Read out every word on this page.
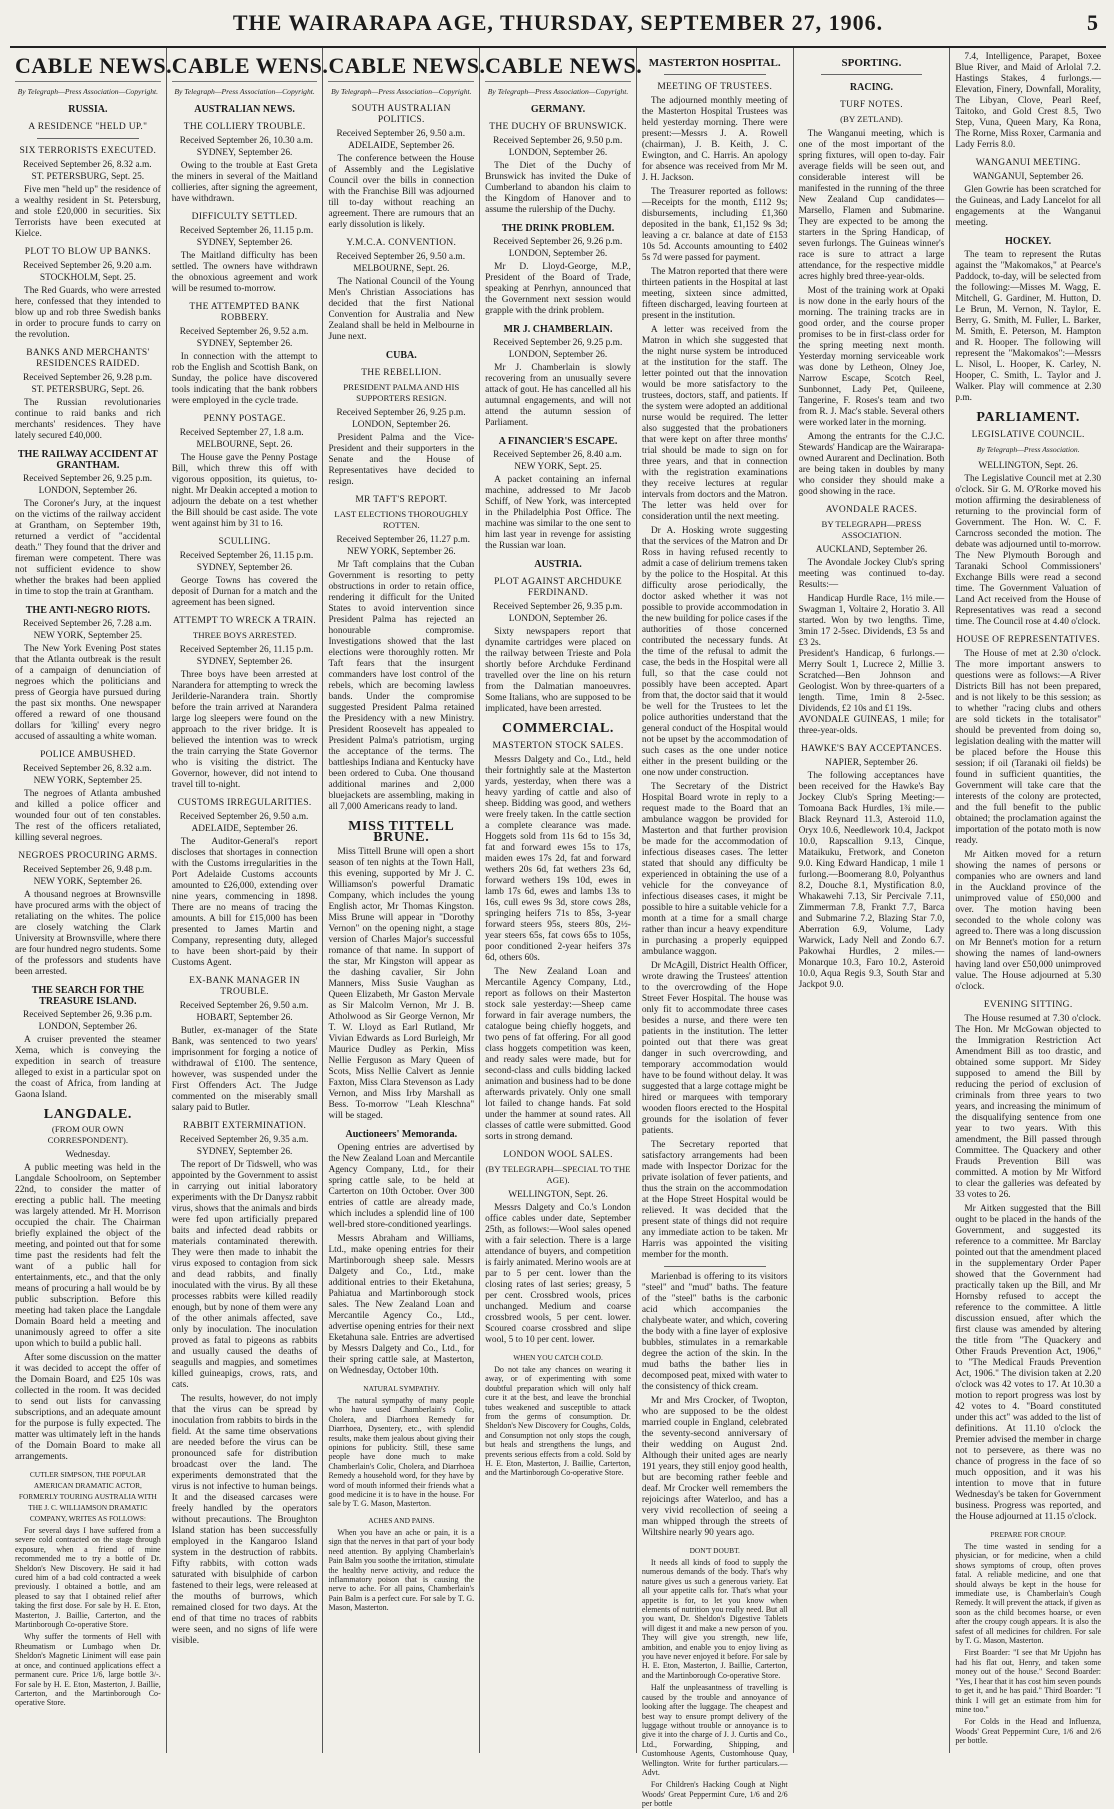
THE WAIRARAPA AGE, THURSDAY, SEPTEMBER 27, 1906.	5
CABLE NEWS.
By Telegraph—Press Association—Copyright.
RUSSIA.
A RESIDENCE "HELD UP."
SIX TERRORISTS EXECUTED.
Received September 26, 8.32 a.m.
ST. PETERSBURG, Sept. 25.

Five men "held up" the residence of a wealthy resident in St. Petersburg, and stole £20,000 in securities. Six Terrorists have been executed at Kielce.

PLOT TO BLOW UP BANKS.
Received September 26, 9.20 a.m.
STOCKHOLM, Sept. 25.

The Red Guards, who were arrested here, confessed that they intended to blow up and rob three Swedish banks in order to procure funds to carry on the revolution.

BANKS AND MERCHANTS' RESIDENCES RAIDED.
Received September 26, 9.28 p.m.
ST. PETERSBURG, Sept. 26.

The Russian revolutionaries continue to raid banks and rich merchants' residences. They have lately secured £40,000.

THE RAILWAY ACCIDENT AT GRANTHAM.
Received September 26, 9.25 p.m.
LONDON, September 26.

The Coroner's Jury, at the inquest on the victims of the railway accident at Grantham, on September 19th, returned a verdict of "accidental death." They found that the driver and fireman were competent. There was not sufficient evidence to show whether the brakes had been applied in time to stop the train at Grantham.

THE ANTI-NEGRO RIOTS.
Received September 26, 7.28 a.m.
NEW YORK, September 25.

The New York Evening Post states that the Atlanta outbreak is the result of a campaign of denunciation of negroes which the politicians and press of Georgia have pursued during the past six months. One newspaper offered a reward of one thousand dollars for 'killing' every negro accused of assaulting a white woman.

POLICE AMBUSHED.
Received September 26, 8.32 a.m.
NEW YORK, September 25.

The negroes of Atlanta ambushed and killed a police officer and wounded four out of ten constables. The rest of the officers retaliated, killing several negroes.

NEGROES PROCURING ARMS.
Received September 26, 9.48 p.m.
NEW YORK, September 26.

A thousand negroes at Brownsville have procured arms with the object of retaliating on the whites. The police are closely watching the Clark University at Brownsville, where there are four hundred negro students. Some of the professors and students have been arrested.

THE SEARCH FOR THE TREASURE ISLAND.
Received September 26, 9.36 p.m.
LONDON, September 26.

A cruiser prevented the steamer Xema, which is conveying the expedition in search of treasure alleged to exist in a particular spot on the coast of Africa, from landing at Gaona Island.

LANGDALE.
(FROM OUR OWN CORRESPONDENT).
Wednesday.

A public meeting was held in the Langdale Schoolroom, on September 22nd, to consider the matter of erecting a public hall. The meeting was largely attended. Mr H. Morrison occupied the chair. The Chairman briefly explained the object of the meeting, and pointed out that for some time past the residents had felt the want of a public hall for entertainments, etc., and that the only means of procuring a hall would be by public subscription. Before this meeting had taken place the Langdale Domain Board held a meeting and unanimously agreed to offer a site upon which to build a public hall.

After some discussion on the matter it was decided to accept the offer of the Domain Board, and £25 10s was collected in the room. It was decided to send out lists for canvassing subscriptions, and an adequate amount for the purpose is fully expected. The matter was ultimately left in the hands of the Domain Board to make all arrangements.

CUTLER SIMPSON, THE POPULAR AMERICAN DRAMATIC ACTOR, FORMERLY TOURING AUSTRALIA WITH THE J. C. WILLIAMSON DRAMATIC COMPANY, WRITES AS FOLLOWS:

For several days I have suffered from a severe cold contracted on the stage through exposure, when a friend of mine recommended me to try a bottle of Dr. Sheldon's New Discovery. He said it had cured him of a bad cold contracted a week previously. I obtained a bottle, and am pleased to say that I obtained relief after taking the first dose. For sale by H. E. Eton, Masterton, J. Baillie, Carterton, and the Martinborough Co-operative Store.

Why suffer the torments of Hell with Rheumatism or Lumbago when Dr. Sheldon's Magnetic Liniment will ease pain at once, and continued applications effect a permanent cure. Price 1/6, large bottle 3/-. For sale by H. E. Eton, Masterton, J. Baillie, Carterton, and the Martinborough Co-operative Store.

CABLE WENS.
By Telegraph—Press Association—Copyright.
AUSTRALIAN NEWS.
THE COLLIERY TROUBLE.
Received September 26, 10.30 a.m.
SYDNEY, September 26.

Owing to the trouble at East Greta the miners in several of the Maitland collieries, after signing the agreement, have withdrawn.

DIFFICULTY SETTLED.
Received September 26, 11.15 p.m.
SYDNEY, September 26.

The Maitland difficulty has been settled. The owners have withdrawn the obnoxious agreement and work will be resumed to-morrow.

THE ATTEMPTED BANK ROBBERY.
Received September 26, 9.52 a.m.
SYDNEY, September 26.

In connection with the attempt to rob the English and Scottish Bank, on Sunday, the police have discovered tools indicating that the bank robbers were employed in the cycle trade.

PENNY POSTAGE.
Received September 27, 1.8 a.m.
MELBOURNE, Sept. 26.

The House gave the Penny Postage Bill, which threw this off with vigorous opposition, its quietus, to-night. Mr Deakin accepted a motion to adjourn the debate on a test whether the Bill should be cast aside. The vote went against him by 31 to 16.

SCULLING.
Received September 26, 11.15 p.m.
SYDNEY, September 26.

George Towns has covered the deposit of Durnan for a match and the agreement has been signed.

ATTEMPT TO WRECK A TRAIN.
THREE BOYS ARRESTED.
Received September 26, 11.15 p.m.
SYDNEY, September 26.

Three boys have been arrested at Narandera for attempting to wreck the Jerilderie-Narandera train. Shortly before the train arrived at Narandera large log sleepers were found on the approach to the river bridge. It is believed the intention was to wreck the train carrying the State Governor who is visiting the district. The Governor, however, did not intend to travel till to-night.

CUSTOMS IRREGULARITIES.
Received September 26, 9.50 a.m.
ADELAIDE, September 26.

The Auditor-General's report discloses that shortages in connection with the Customs irregularities in the Port Adelaide Customs accounts amounted to £26,000, extending over nine years, commencing in 1898. There are no means of tracing the amounts. A bill for £15,000 has been presented to James Martin and Company, representing duty, alleged to have been short-paid by their Customs Agent.

EX-BANK MANAGER IN TROUBLE.
Received September 26, 9.50 a.m.
HOBART, September 26.

Butler, ex-manager of the State Bank, was sentenced to two years' imprisonment for forging a notice of withdrawal of £100. The sentence, however, was suspended under the First Offenders Act. The Judge commented on the miserably small salary paid to Butler.

RABBIT EXTERMINATION.
Received September 26, 9.35 a.m.
SYDNEY, September 26.

The report of Dr Tidswell, who was appointed by the Government to assist in carrying out initial laboratory experiments with the Dr Danysz rabbit virus, shows that the animals and birds were fed upon artificially prepared baits and infected dead rabbits or materials contaminated therewith. They were then made to inhabit the virus exposed to contagion from sick and dead rabbits, and finally inoculated with the virus. By all these processes rabbits were killed readily enough, but by none of them were any of the other animals affected, save only by inoculation. The inoculation proved as fatal to pigeons as rabbits and usually caused the deaths of seagulls and magpies, and sometimes killed guineapigs, crows, rats, and cats.

The results, however, do not imply that the virus can be spread by inoculation from rabbits to birds in the field. At the same time observations are needed before the virus can be pronounced safe for distribution broadcast over the land. The experiments demonstrated that the virus is not infective to human beings. It and the diseased carcases were freely handled by the operators without precautions. The Broughton Island station has been successfully employed in the Kangaroo Island system in the destruction of rabbits. Fifty rabbits, with cotton wads saturated with bisulphide of carbon fastened to their legs, were released at the mouths of burrows, which remained closed for two days. At the end of that time no traces of rabbits were seen, and no signs of life were visible.

CABLE NEWS.
By Telegraph—Press Association—Copyright.
SOUTH AUSTRALIAN POLITICS.
Received September 26, 9.50 a.m.
ADELAIDE, September 26.

The conference between the House of Assembly and the Legislative Council over the bills in connection with the Franchise Bill was adjourned till to-day without reaching an agreement. There are rumours that an early dissolution is likely.

Y.M.C.A. CONVENTION.
Received September 26, 9.50 a.m.
MELBOURNE, Sept. 26.

The National Council of the Young Men's Christian Associations has decided that the first National Convention for Australia and New Zealand shall be held in Melbourne in June next.

CUBA.
THE REBELLION.
PRESIDENT PALMA AND HIS SUPPORTERS RESIGN.
Received September 26, 9.25 p.m.
LONDON, September 26.

President Palma and the Vice-President and their supporters in the Senate and the House of Representatives have decided to resign.

MR TAFT'S REPORT.
LAST ELECTIONS THOROUGHLY ROTTEN.
Received September 26, 11.27 p.m.
NEW YORK, September 26.

Mr Taft complains that the Cuban Government is resorting to petty obstructions in order to retain office, rendering it difficult for the United States to avoid intervention since President Palma has rejected an honourable compromise. Investigations showed that the last elections were thoroughly rotten. Mr Taft fears that the insurgent commanders have lost control of the rebels, which are becoming lawless bands. Under the compromise suggested President Palma retained the Presidency with a new Ministry. President Roosevelt has appealed to President Palma's patriotism, urging the acceptance of the terms. The battleships Indiana and Kentucky have been ordered to Cuba. One thousand additional marines and 2,000 bluejackets are assembling, making in all 7,000 Americans ready to land.

MISS TITTELL BRUNE.

Miss Tittell Brune will open a short season of ten nights at the Town Hall, this evening, supported by Mr J. C. Williamson's powerful Dramatic Company, which includes the young English actor, Mr Thomas Kingston. Miss Brune will appear in "Dorothy Vernon" on the opening night, a stage version of Charles Major's successful romance of that name. In support of the star, Mr Kingston will appear as the dashing cavalier, Sir John Manners, Miss Susie Vaughan as Queen Elizabeth, Mr Gaston Mervale as Sir Malcolm Vernon, Mr J. B. Atholwood as Sir George Vernon, Mr T. W. Lloyd as Earl Rutland, Mr Vivian Edwards as Lord Burleigh, Mr Maurice Dudley as Perkin, Miss Nellie Ferguson as Mary Queen of Scots, Miss Nellie Calvert as Jennie Faxton, Miss Clara Stevenson as Lady Vernon, and Miss Irby Marshall as Bess. To-morrow "Leah Kleschna" will be staged.

Auctioneers' Memoranda.

Opening entries are advertised by the New Zealand Loan and Mercantile Agency Company, Ltd., for their spring cattle sale, to be held at Carterton on 10th October. Over 300 entries of cattle are already made, which includes a splendid line of 100 well-bred store-conditioned yearlings.

Messrs Abraham and Williams, Ltd., make opening entries for their Martinborough sheep sale. Messrs Dalgety and Co., Ltd., make additional entries to their Eketahuna, Pahiatua and Martinborough stock sales. The New Zealand Loan and Mercantile Agency Co., Ltd., advertise opening entries for their next Eketahuna sale. Entries are advertised by Messrs Dalgety and Co., Ltd., for their spring cattle sale, at Masterton, on Wednesday, October 10th.

NATURAL SYMPATHY.

The natural sympathy of many people who have used Chamberlain's Colic, Cholera, and Diarrhoea Remedy for Diarrhoea, Dysentery, etc., with splendid results, make them jealous about giving their opinions for publicity. Still, these same people have done much to make Chamberlain's Colic, Cholera, and Diarrhoea Remedy a household word, for they have by word of mouth informed their friends what a good medicine it is to have in the house. For sale by T. G. Mason, Masterton.

ACHES AND PAINS.

When you have an ache or pain, it is a sign that the nerves in that part of your body need attention. By applying Chamberlain's Pain Balm you soothe the irritation, stimulate the healthy nerve activity, and reduce the inflammatory poison that is causing the nerve to ache. For all pains, Chamberlain's Pain Balm is a perfect cure. For sale by T. G. Mason, Masterton.

CABLE NEWS.
By Telegraph—Press Association—Copyright.
GERMANY.
THE DUCHY OF BRUNSWICK.
Received September 26, 9.50 p.m.
LONDON, September 26.

The Diet of the Duchy of Brunswick has invited the Duke of Cumberland to abandon his claim to the Kingdom of Hanover and to assume the rulership of the Duchy.

THE DRINK PROBLEM.
Received September 26, 9.26 p.m.
LONDON, September 26.

Mr D. Lloyd-George, M.P., President of the Board of Trade, speaking at Penrhyn, announced that the Government next session would grapple with the drink problem.

MR J. CHAMBERLAIN.
Received September 26, 9.25 p.m.
LONDON, September 26.

Mr J. Chamberlain is slowly recovering from an unusually severe attack of gout. He has cancelled all his autumnal engagements, and will not attend the autumn session of Parliament.

A FINANCIER'S ESCAPE.
Received September 26, 8.40 a.m.
NEW YORK, Sept. 25.

A packet containing an infernal machine, addressed to Mr Jacob Schiff, of New York, was intercepted in the Philadelphia Post Office. The machine was similar to the one sent to him last year in revenge for assisting the Russian war loan.

AUSTRIA.
PLOT AGAINST ARCHDUKE FERDINAND.
Received September 26, 9.35 p.m.
LONDON, September 26.

Sixty newspapers report that dynamite cartridges were placed on the railway between Trieste and Pola shortly before Archduke Ferdinand travelled over the line on his return from the Dalmatian manoeuvres. Some Italians, who are supposed to be implicated, have been arrested.

COMMERCIAL.
MASTERTON STOCK SALES.

Messrs Dalgety and Co., Ltd., held their fortnightly sale at the Masterton yards, yesterday, when there was a heavy yarding of cattle and also of sheep. Bidding was good, and wethers were freely taken. In the cattle section a complete clearance was made. Hoggets sold from 11s 6d to 15s 3d, fat and forward ewes 15s to 17s, maiden ewes 17s 2d, fat and forward wethers 20s 6d, fat wethers 23s 6d, forward wethers 19s 10d, ewes in lamb 17s 6d, ewes and lambs 13s to 16s, cull ewes 9s 3d, store cows 28s, springing heifers 71s to 85s, 3-year forward steers 95s, steers 80s, 2½-year steers 65s, fat cows 65s to 105s, poor conditioned 2-year heifers 37s 6d, others 60s.

The New Zealand Loan and Mercantile Agency Company, Ltd., report as follows on their Masterton stock sale yesterday:—Sheep came forward in fair average numbers, the catalogue being chiefly hoggets, and two pens of fat offering. For all good class hoggets competition was keen, and ready sales were made, but for second-class and culls bidding lacked animation and business had to be done afterwards privately. Only one small lot failed to change hands. Fat sold under the hammer at sound rates. All classes of cattle were submitted. Good sorts in strong demand.

LONDON WOOL SALES.
(BY TELEGRAPH—SPECIAL TO THE AGE).
WELLINGTON, Sept. 26.

Messrs Dalgety and Co.'s London office cables under date, September 25th, as follows:—Wool sales opened with a fair selection. There is a large attendance of buyers, and competition is fairly animated. Merino wools are at par to 5 per cent. lower than the closing rates of last series; greasy, 5 per cent. Crossbred wools, prices unchanged. Medium and coarse crossbred wools, 5 per cent. lower. Scoured coarse crossbred and slipe wool, 5 to 10 per cent. lower.

WHEN YOU CATCH COLD.

Do not take any chances on wearing it away, or of experimenting with some doubtful preparation which will only half cure it at the best, and leave the bronchial tubes weakened and susceptible to attack from the germs of consumption. Dr. Sheldon's New Discovery for Coughs, Colds, and Consumption not only stops the cough, but heals and strengthens the lungs, and prevents serious effects from a cold. Sold by H. E. Eton, Masterton, J. Baillie, Carterton, and the Martinborough Co-operative Store.

MASTERTON HOSPITAL.
MEETING OF TRUSTEES.

The adjourned monthly meeting of the Masterton Hospital Trustees was held yesterday morning. There were present:—Messrs J. A. Rowell (chairman), J. B. Keith, J. C. Ewington, and C. Harris. An apology for absence was received from Mr M. J. H. Jackson.

The Treasurer reported as follows:—Receipts for the month, £112 9s; disbursements, including £1,360 deposited in the bank, £1,152 9s 3d; leaving a cr. balance at date of £153 10s 5d. Accounts amounting to £402 5s 7d were passed for payment.

The Matron reported that there were thirteen patients in the Hospital at last meeting, sixteen since admitted, fifteen discharged, leaving fourteen at present in the institution.

A letter was received from the Matron in which she suggested that the night nurse system be introduced at the institution for the staff. The letter pointed out that the innovation would be more satisfactory to the trustees, doctors, staff, and patients. If the system were adopted an additional nurse would be required. The letter also suggested that the probationers that were kept on after three months' trial should be made to sign on for three years, and that in connection with the registration examinations they receive lectures at regular intervals from doctors and the Matron. The letter was held over for consideration until the next meeting.

Dr A. Hosking wrote suggesting that the services of the Matron and Dr Ross in having refused recently to admit a case of delirium tremens taken by the police to the Hospital. At this difficulty arose periodically, the doctor asked whether it was not possible to provide accommodation in the new building for police cases if the authorities of those concerned contributed the necessary funds. At the time of the refusal to admit the case, the beds in the Hospital were all full, so that the case could not possibly have been accepted. Apart from that, the doctor said that it would be well for the Trustees to let the police authorities understand that the general conduct of the Hospital would not be upset by the accommodation of such cases as the one under notice either in the present building or the one now under construction.

The Secretary of the District Hospital Board wrote in reply to a request made to the Board that an ambulance waggon be provided for Masterton and that further provision be made for the accommodation of infectious diseases cases. The letter stated that should any difficulty be experienced in obtaining the use of a vehicle for the conveyance of infectious diseases cases, it might be possible to hire a suitable vehicle for a month at a time for a small charge rather than incur a heavy expenditure in purchasing a properly equipped ambulance waggon.

Dr McAgill, District Health Officer, wrote drawing the Trustees' attention to the overcrowding of the Hope Street Fever Hospital. The house was only fit to accommodate three cases besides a nurse, and there were ten patients in the institution. The letter pointed out that there was great danger in such overcrowding, and temporary accommodation would have to be found without delay. It was suggested that a large cottage might be hired or marquees with temporary wooden floors erected to the Hospital grounds for the isolation of fever patients.

The Secretary reported that satisfactory arrangements had been made with Inspector Dorizac for the private isolation of fever patients, and thus the strain on the accommodation at the Hope Street Hospital would be relieved. It was decided that the present state of things did not require any immediate action to be taken. Mr Harris was appointed the visiting member for the month.

Marienbad is offering to its visitors "steel" and "mud" baths. The feature of the "steel" baths is the carbonic acid which accompanies the chalybeate water, and which, covering the body with a fine layer of explosive bubbles, stimulates in a remarkable degree the action of the skin. In the mud baths the bather lies in decomposed peat, mixed with water to the consistency of thick cream.

Mr and Mrs Crocker, of Twopton, who are supposed to be the oldest married couple in England, celebrated the seventy-second anniversary of their wedding on August 2nd. Although their united ages are nearly 191 years, they still enjoy good health, but are becoming rather feeble and deaf. Mr Crocker well remembers the rejoicings after Waterloo, and has a very vivid recollection of seeing a man whipped through the streets of Wiltshire nearly 90 years ago.

DON'T DOUBT.

It needs all kinds of food to supply the numerous demands of the body. That's why nature gives us such a generous variety. Eat all your appetite calls for. That's what your appetite is for, to let you know when elements of nutrition you really need. But all you want, Dr. Sheldon's Digestive Tablets will digest it and make a new person of you. They will give you strength, new life, ambition, and enable you to enjoy living as you have never enjoyed it before. For sale by H. E. Eton, Masterton, J. Baillie, Carterton, and the Martinborough Co-operative Store.

Half the unpleasantness of travelling is caused by the trouble and annoyance of looking after the luggage. The cheapest and best way to ensure prompt delivery of the luggage without trouble or annoyance is to give it into the charge of J. J. Curtis and Co., Ltd., Forwarding, Shipping, and Customhouse Agents, Customhouse Quay, Wellington. Write for further particulars.—Advt.

For Children's Hacking Cough at Night Woods' Great Peppermint Cure, 1/6 and 2/6 per bottle

SPORTING.
RACING.
TURF NOTES.
(BY ZETLAND).

The Wanganui meeting, which is one of the most important of the spring fixtures, will open to-day. Fair average fields will be seen out, and considerable interest will be manifested in the running of the three New Zealand Cup candidates—Marsello, Flamen and Submarine. They are expected to be among the starters in the Spring Handicap, of seven furlongs. The Guineas winner's race is sure to attract a large attendance, for the respective middle acres highly bred three-year-olds.

Most of the training work at Opaki is now done in the early hours of the morning. The training tracks are in good order, and the course proper promises to be in first-class order for the spring meeting next month. Yesterday morning serviceable work was done by Letheon, Olney Joe, Narrow Escape, Scotch Reel, Sunbonnet, Lady Pet, Quileene, Tangerine, F. Roses's team and two from R. J. Mac's stable. Several others were worked later in the morning.

Among the entrants for the C.J.C. Stewards' Handicap are the Wairarapa-owned Aurarent and Declination. Both are being taken in doubles by many who consider they should make a good showing in the race.

AVONDALE RACES.
BY TELEGRAPH—PRESS ASSOCIATION.
AUCKLAND, September 26.

The Avondale Jockey Club's spring meeting was continued to-day. Results:—

Handicap Hurdle Race, 1½ mile.—Swagman 1, Voltaire 2, Horatio 3. All started. Won by two lengths. Time, 3min 17 2-5sec. Dividends, £3 5s and £3 2s.
President's Handicap, 6 furlongs.—Merry Soult 1, Lucrece 2, Millie 3. Scratched—Ben Johnson and Geologist. Won by three-quarters of a length. Time, 1min 8 2-5sec. Dividends, £2 10s and £1 19s.
AVONDALE GUINEAS, 1 mile; for three-year-olds.

HAWKE'S BAY ACCEPTANCES.
NAPIER, September 26.

The following acceptances have been received for the Hawke's Bay Jockey Club's Spring Meeting:—Tomoana Back Hurdles, 1¾ mile.—Black Reynard 11.3, Asteroid 11.0, Oryx 10.6, Needlework 10.4, Jackpot 10.0, Rapscallion 9.13, Cinque, Mataikuku, Fretwork, and Coneton 9.0. King Edward Handicap, 1 mile 1 furlong.—Boomerang 8.0, Polyanthus 8.2, Douche 8.1, Mystification 8.0, Whakawehi 7.13, Sir Percivale 7.11, Zimmerman 7.8, Frankt 7.7, Barca and Submarine 7.2, Blazing Star 7.0, Aberration 6.9, Volume, Lady Warwick, Lady Nell and Zondo 6.7. Pakowhai Hurdles, 2 miles.—Monarque 10.3, Faro 10.2, Asteroid 10.0, Aqua Regis 9.3, South Star and Jackpot 9.0.

7.4, Intelligence, Parapet, Boxee Blue River, and Maid of Arlolal 7.2. Hastings Stakes, 4 furlongs.—Elevation, Finery, Downfall, Morality, The Libyan, Clove, Pearl Reef, Taitoko, and Gold Crest 8.5, Two Step, Vuna, Queen Mary, Ka Rona, The Rorne, Miss Roxer, Carmania and Lady Ferris 8.0.

WANGANUI MEETING.
WANGANUI, September 26.

Glen Gowrie has been scratched for the Guineas, and Lady Lancelot for all engagements at the Wanganui meeting.

HOCKEY.

The team to represent the Rutas against the "Makomakos," at Pearce's Paddock, to-day, will be selected from the following:—Misses M. Wagg, E. Mitchell, G. Gardiner, M. Hutton, D. Le Brun, M. Vernon, N. Taylor, E. Berry, G. Smith, M. Fuller, L. Barker, M. Smith, E. Peterson, M. Hampton and R. Hooper. The following will represent the "Makomakos":—Messrs L. Nisol, L. Hooper, K. Carley, N. Hooper, C. Smith, L. Taylor and J. Walker. Play will commence at 2.30 p.m.

PARLIAMENT.
LEGISLATIVE COUNCIL.
By Telegraph—Press Association.
WELLINGTON, Sept. 26.

The Legislative Council met at 2.30 o'clock. Sir G. M. O'Rorke moved his motion affirming the desirableness of returning to the provincial form of Government. The Hon. W. C. F. Carncross seconded the motion. The debate was adjourned until to-morrow. The New Plymouth Borough and Taranaki School Commissioners' Exchange Bills were read a second time. The Government Valuation of Land Act received from the House of Representatives was read a second time. The Council rose at 4.40 o'clock.

HOUSE OF REPRESENTATIVES.

The House of met at 2.30 o'clock. The more important answers to questions were as follows:—A River Districts Bill has not been prepared, and is not likely to be this session; as to whether "racing clubs and others are sold tickets in the totalisator" should be prevented from doing so, legislation dealing with the matter will be placed before the House this session; if oil (Taranaki oil fields) be found in sufficient quantities, the Government will take care that the interests of the colony are protected, and the full benefit to the public obtained; the proclamation against the importation of the potato moth is now ready.

Mr Aitken moved for a return showing the names of persons or companies who are owners and land in the Auckland province of the unimproved value of £50,000 and over. The motion having been seconded to the whole colony was agreed to. There was a long discussion on Mr Bennet's motion for a return showing the names of land-owners having land over £50,000 unimproved value. The House adjourned at 5.30 o'clock.

EVENING SITTING.

The House resumed at 7.30 o'clock. The Hon. Mr McGowan objected to the Immigration Restriction Act Amendment Bill as too drastic, and obtained some support. Mr Sidey supposed to amend the Bill by reducing the period of exclusion of criminals from three years to two years, and increasing the minimum of the disqualifying sentence from one year to two years. With this amendment, the Bill passed through Committee. The Quackery and other Frauds Prevention Bill was committed. A motion by Mr Witford to clear the galleries was defeated by 33 votes to 26.

Mr Aitken suggested that the Bill ought to be placed in the hands of the Government, and suggested its reference to a committee. Mr Barclay pointed out that the amendment placed in the supplementary Order Paper showed that the Government had practically taken up the Bill, and Mr Hornsby refused to accept the reference to the committee. A little discussion ensued, after which the first clause was amended by altering the title from "The Quackery and Other Frauds Prevention Act, 1906," to "The Medical Frauds Prevention Act, 1906." The division taken at 2.20 o'clock was 42 votes to 17. At 10.30 a motion to report progress was lost by 42 votes to 4. "Board constituted under this act" was added to the list of definitions. At 11.10 o'clock the Premier advised the member in charge not to persevere, as there was no chance of progress in the face of so much opposition, and it was his intention to move that in future Wednesday's be taken for Government business. Progress was reported, and the House adjourned at 11.15 o'clock.

PREPARE FOR CROUP.

The time wasted in sending for a physician, or for medicine, when a child shows symptoms of croup, often proves fatal. A reliable medicine, and one that should always be kept in the house for immediate use, is Chamberlain's Cough Remedy. It will prevent the attack, if given as soon as the child becomes hoarse, or even after the croupy cough appears. It is also the safest of all medicines for children. For sale by T. G. Mason, Masterton.

First Boarder: "I see that Mr Upjohn has had his flat out, Henry, and taken some money out of the house." Second Boarder: "Yes, I hear that it has cost him seven pounds to get it, and he has paid." Third Boarder: "I think I will get an estimate from him for mine too."

For Colds in the Head and Influenza, Woods' Great Peppermint Cure, 1/6 and 2/6 per bottle.
